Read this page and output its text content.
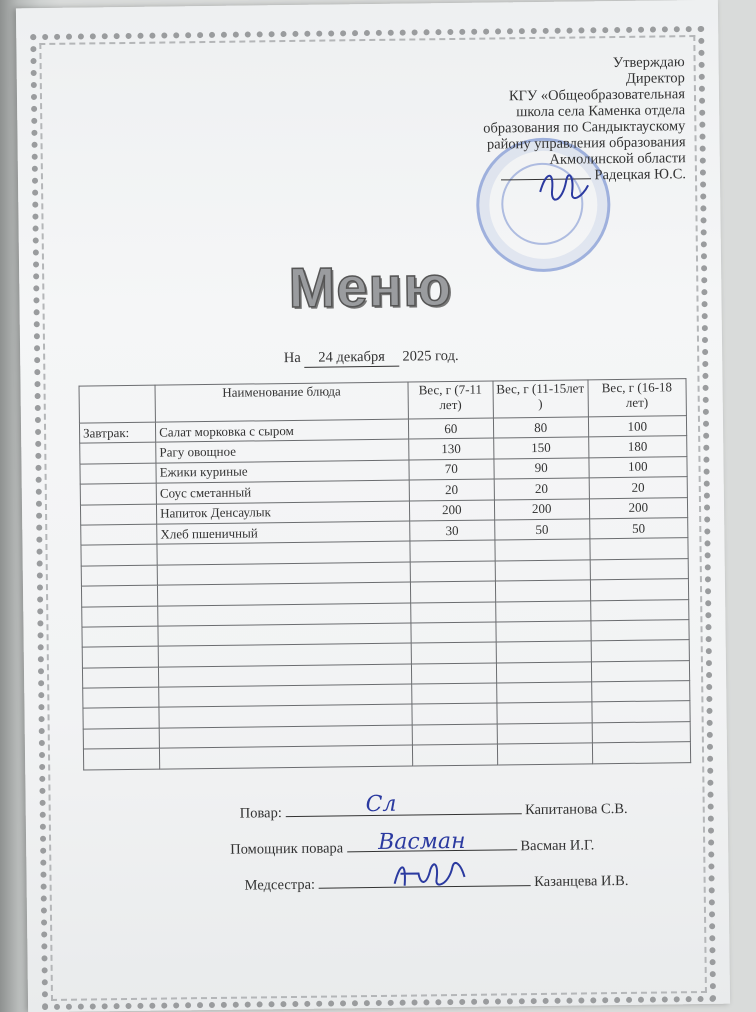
Утверждаю
Директор
КГУ «Общеобразовательная
школа села Каменка отдела
образования по Сандыктаускому
району управления образования
Акмолинской области
Радецкая Ю.С.
Меню
На 24 декабря 2025 год.
	Наименование блюда	Вес, г (7-11 лет)	Вес, г (11-15лет )	Вес, г (16-18 лет)
Завтрак:	Салат морковка с сыром	60	80	100
	Рагу овощное	130	150	180
	Ежики куриные	70	90	100
	Соус сметанный	20	20	20
	Напиток Денсаулык	200	200	200
	Хлеб пшеничный	30	50	50

Повар:	Капитанова С.В.
Помощник повара	Васман И.Г.
Медсестра:	Казанцева И.В.
Сл
Васман
